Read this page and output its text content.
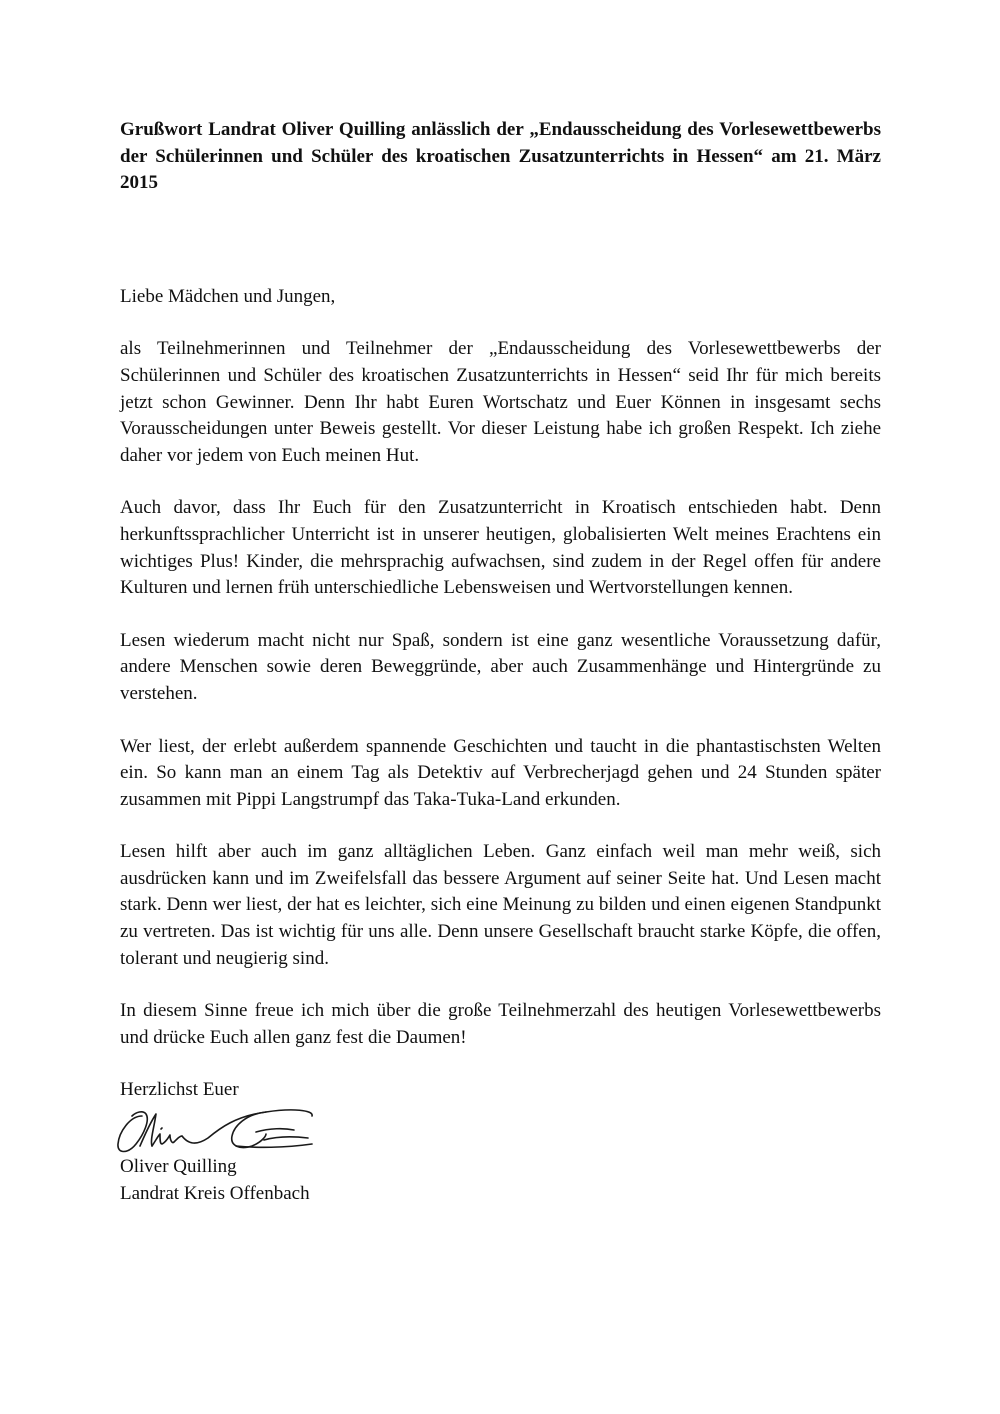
Grußwort Landrat Oliver Quilling anlässlich der „Endausscheidung des Vorlesewettbewerbs der Schülerinnen und Schüler des kroatischen Zusatzunterrichts in Hessen“ am 21. März 2015

Liebe Mädchen und Jungen,

als Teilnehmerinnen und Teilnehmer der „Endausscheidung des Vorlesewettbewerbs der Schülerinnen und Schüler des kroatischen Zusatzunterrichts in Hessen“ seid Ihr für mich bereits jetzt schon Gewinner. Denn Ihr habt Euren Wortschatz und Euer Können in insgesamt sechs Vorausscheidungen unter Beweis gestellt. Vor dieser Leistung habe ich großen Respekt. Ich ziehe daher vor jedem von Euch meinen Hut.

Auch davor, dass Ihr Euch für den Zusatzunterricht in Kroatisch entschieden habt. Denn herkunftssprachlicher Unterricht ist in unserer heutigen, globalisierten Welt meines Erachtens ein wichtiges Plus! Kinder, die mehrsprachig aufwachsen, sind zudem in der Regel offen für andere Kulturen und lernen früh unterschiedliche Lebensweisen und Wertvorstellungen kennen.

Lesen wiederum macht nicht nur Spaß, sondern ist eine ganz wesentliche Voraussetzung dafür, andere Menschen sowie deren Beweggründe, aber auch Zusammenhänge und Hintergründe zu verstehen.

Wer liest, der erlebt außerdem spannende Geschichten und taucht in die phantastischsten Welten ein. So kann man an einem Tag als Detektiv auf Verbrecherjagd gehen und 24 Stunden später zusammen mit Pippi Langstrumpf das Taka-Tuka-Land erkunden.

Lesen hilft aber auch im ganz alltäglichen Leben. Ganz einfach weil man mehr weiß, sich ausdrücken kann und im Zweifelsfall das bessere Argument auf seiner Seite hat. Und Lesen macht stark. Denn wer liest, der hat es leichter, sich eine Meinung zu bilden und einen eigenen Standpunkt zu vertreten. Das ist wichtig für uns alle. Denn unsere Gesellschaft braucht starke Köpfe, die offen, tolerant und neugierig sind.

In diesem Sinne freue ich mich über die große Teilnehmerzahl des heutigen Vorlesewettbewerbs und drücke Euch allen ganz fest die Daumen!

Herzlichst Euer

Oliver Quilling

Landrat Kreis Offenbach
